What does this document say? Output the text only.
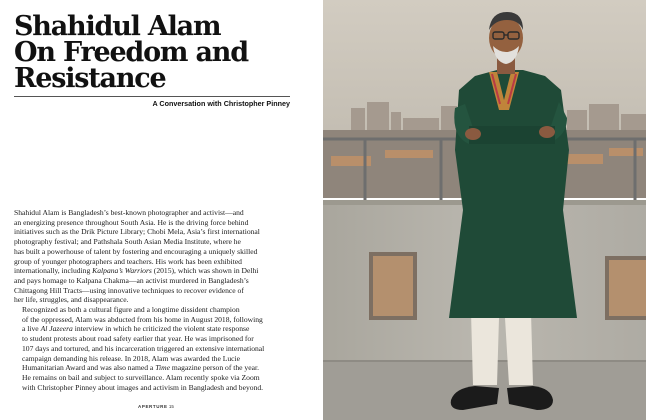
Shahidul Alam
On Freedom and
Resistance
A Conversation with Christopher Pinney

Shahidul Alam is Bangladesh’s best-known photographer and activist—and
an energizing presence throughout South Asia. He is the driving force behind
initiatives such as the Drik Picture Library; Chobi Mela, Asia’s first international
photography festival; and Pathshala South Asian Media Institute, where he
has built a powerhouse of talent by fostering and encouraging a uniquely skilled
group of younger photographers and teachers. His work has been exhibited
internationally, including Kalpana’s Warriors (2015), which was shown in Delhi
and pays homage to Kalpana Chakma—an activist murdered in Bangladesh’s
Chittagong Hill Tracts—using innovative techniques to recover evidence of
her life, struggles, and disappearance.

Recognized as both a cultural figure and a longtime dissident champion
of the oppressed, Alam was abducted from his home in August 2018, following
a live Al Jazeera interview in which he criticized the violent state response
to student protests about road safety earlier that year. He was imprisoned for
107 days and tortured, and his incarceration triggered an extensive international
campaign demanding his release. In 2018, Alam was awarded the Lucie
Humanitarian Award and was also named a Time magazine person of the year.
He remains on bail and subject to surveillance. Alam recently spoke via Zoom
with Christopher Pinney about images and activism in Bangladesh and beyond.

APERTURE 15
